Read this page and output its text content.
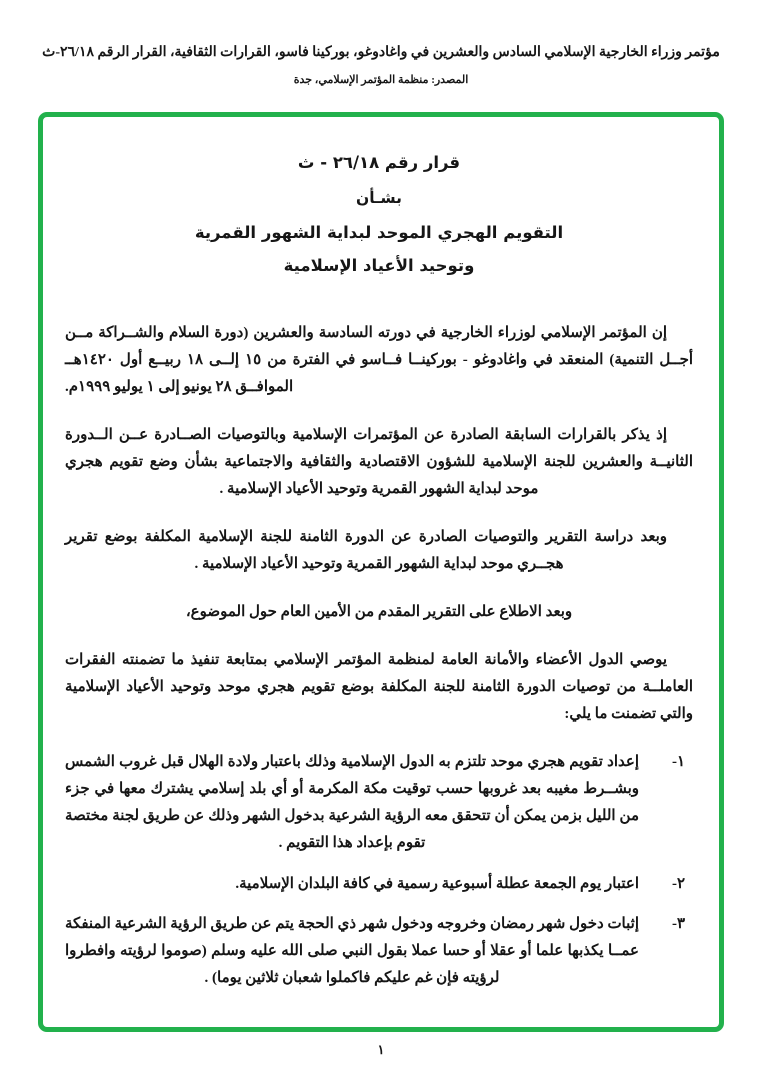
مؤتمر وزراء الخارجية الإسلامي السادس والعشرين في واغادوغو، بوركينا فاسو، القرارات الثقافية، القرار الرقم ٢٦/١٨-ث
المصدر: منظمة المؤتمر الإسلامي، جدة
قرار رقم ٢٦/١٨ - ث
بشـأن
التقويم الهجري الموحد لبداية الشهور القمرية
وتوحيد الأعياد الإسلامية
إن المؤتمر الإسلامي لوزراء الخارجية في دورته السادسة والعشرين (دورة السلام والشــراكة مــن أجــل التنمية) المنعقد في واغادوغو - بوركينــا فــاسو في الفترة من ١٥ إلــى ١٨ ربيــع أول ١٤٢٠هــ الموافــق ٢٨ يونيو إلى ١ يوليو ١٩٩٩م.
إذ يذكر بالقرارات السابقة الصادرة عن المؤتمرات الإسلامية وبالتوصيات الصــادرة عــن الــدورة الثانيــة والعشرين للجنة الإسلامية للشؤون الاقتصادية والثقافية والاجتماعية بشأن وضع تقويم هجري موحد لبداية الشهور القمرية وتوحيد الأعياد الإسلامية .
وبعد دراسة التقرير والتوصيات الصادرة عن الدورة الثامنة للجنة الإسلامية المكلفة بوضع تقرير هجــري موحد لبداية الشهور القمرية وتوحيد الأعياد الإسلامية .
وبعد الاطلاع على التقرير المقدم من الأمين العام حول الموضوع،
يوصي الدول الأعضاء والأمانة العامة لمنظمة المؤتمر الإسلامي بمتابعة تنفيذ ما تضمنته الفقرات العاملــة من توصيات الدورة الثامنة للجنة المكلفة بوضع تقويم هجري موحد وتوحيد الأعياد الإسلامية والتي تضمنت ما يلي:
١-
إعداد تقويم هجري موحد تلتزم به الدول الإسلامية وذلك باعتبار ولادة الهلال قبل غروب الشمس وبشــرط مغيبه بعد غروبها حسب توقيت مكة المكرمة أو أي بلد إسلامي يشترك معها في جزء من الليل بزمن يمكن أن تتحقق معه الرؤية الشرعية بدخول الشهر وذلك عن طريق لجنة مختصة تقوم بإعداد هذا التقويم .
٢-
اعتبار يوم الجمعة عطلة أسبوعية رسمية في كافة البلدان الإسلامية.
٣-
إثبات دخول شهر رمضان وخروجه ودخول شهر ذي الحجة يتم عن طريق الرؤية الشرعية المنفكة عمــا يكذبها علما أو عقلا أو حسا عملا بقول النبي صلى الله عليه وسلم (صوموا لرؤيته وافطروا لرؤيته فإن غم عليكم فاكملوا شعبان ثلاثين يوما) .
١
